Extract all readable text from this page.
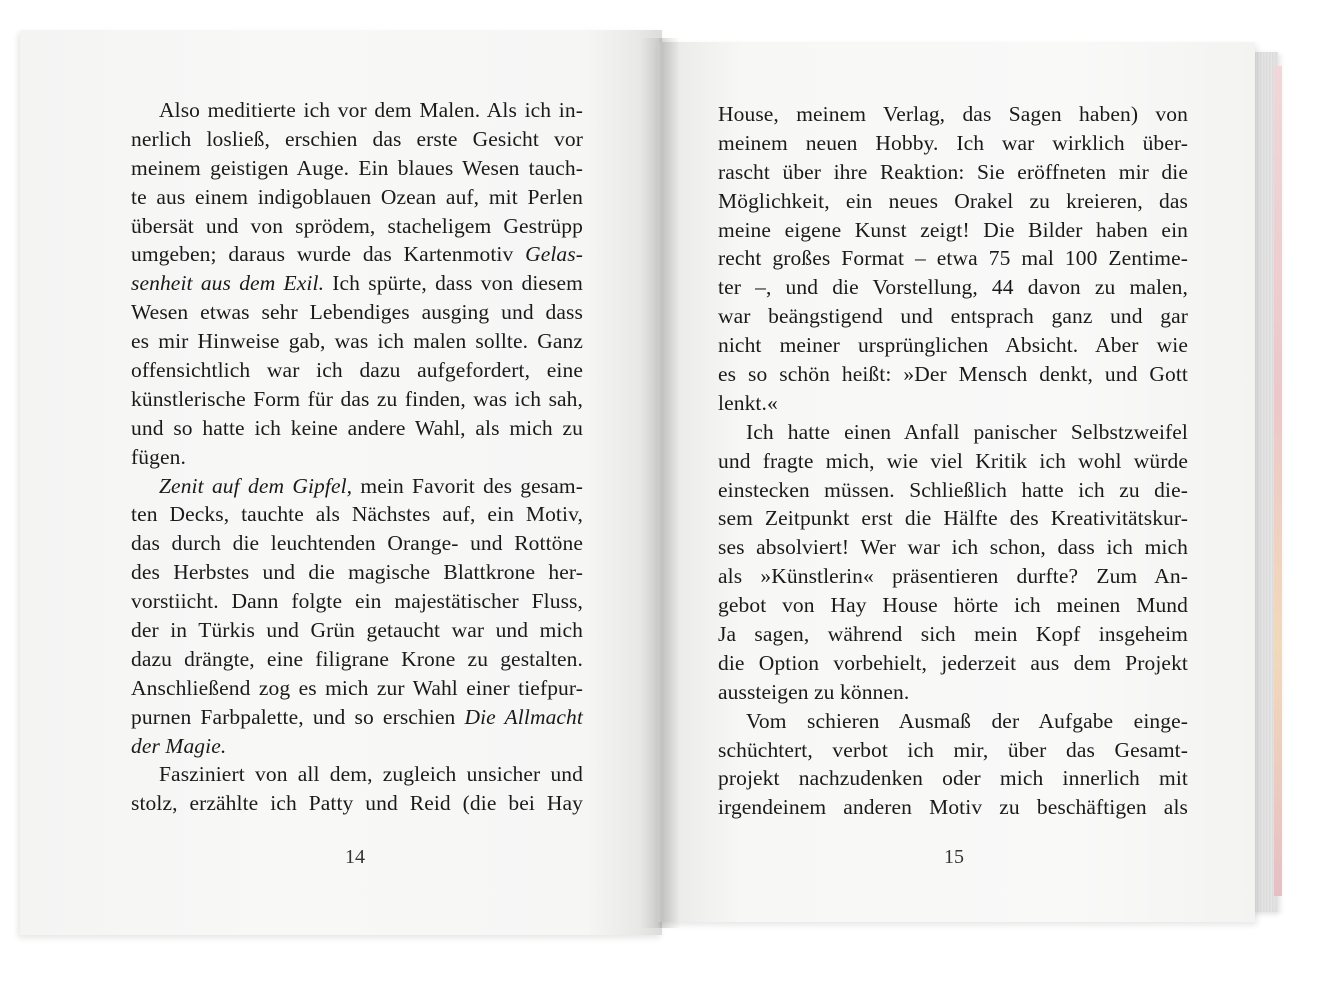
Also meditierte ich vor dem Malen. Als ich in-
nerlich losließ, erschien das erste Gesicht vor
meinem geistigen Auge. Ein blaues Wesen tauch-
te aus einem indigoblauen Ozean auf, mit Perlen
übersät und von sprödem, stacheligem Gestrüpp
umgeben; daraus wurde das Kartenmotiv Gelas-
senheit aus dem Exil. Ich spürte, dass von diesem
Wesen etwas sehr Lebendiges ausging und dass
es mir Hinweise gab, was ich malen sollte. Ganz
offensichtlich war ich dazu aufgefordert, eine
künstlerische Form für das zu finden, was ich sah,
und so hatte ich keine andere Wahl, als mich zu
fügen.
Zenit auf dem Gipfel, mein Favorit des gesam-
ten Decks, tauchte als Nächstes auf, ein Motiv,
das durch die leuchtenden Orange- und Rottöne
des Herbstes und die magische Blattkrone her-
vorstiicht. Dann folgte ein majestätischer Fluss,
der in Türkis und Grün getaucht war und mich
dazu drängte, eine filigrane Krone zu gestalten.
Anschließend zog es mich zur Wahl einer tiefpur-
purnen Farbpalette, und so erschien Die Allmacht
der Magie.
Fasziniert von all dem, zugleich unsicher und
stolz, erzählte ich Patty und Reid (die bei Hay
House, meinem Verlag, das Sagen haben) von
meinem neuen Hobby. Ich war wirklich über-
rascht über ihre Reaktion: Sie eröffneten mir die
Möglichkeit, ein neues Orakel zu kreieren, das
meine eigene Kunst zeigt! Die Bilder haben ein
recht großes Format – etwa 75 mal 100 Zentime-
ter –, und die Vorstellung, 44 davon zu malen,
war beängstigend und entsprach ganz und gar
nicht meiner ursprünglichen Absicht. Aber wie
es so schön heißt: »Der Mensch denkt, und Gott
lenkt.«
Ich hatte einen Anfall panischer Selbstzweifel
und fragte mich, wie viel Kritik ich wohl würde
einstecken müssen. Schließlich hatte ich zu die-
sem Zeitpunkt erst die Hälfte des Kreativitätskur-
ses absolviert! Wer war ich schon, dass ich mich
als »Künstlerin« präsentieren durfte? Zum An-
gebot von Hay House hörte ich meinen Mund
Ja sagen, während sich mein Kopf insgeheim
die Option vorbehielt, jederzeit aus dem Projekt
aussteigen zu können.
Vom schieren Ausmaß der Aufgabe einge-
schüchtert, verbot ich mir, über das Gesamt-
projekt nachzudenken oder mich innerlich mit
irgendeinem anderen Motiv zu beschäftigen als
14	15
